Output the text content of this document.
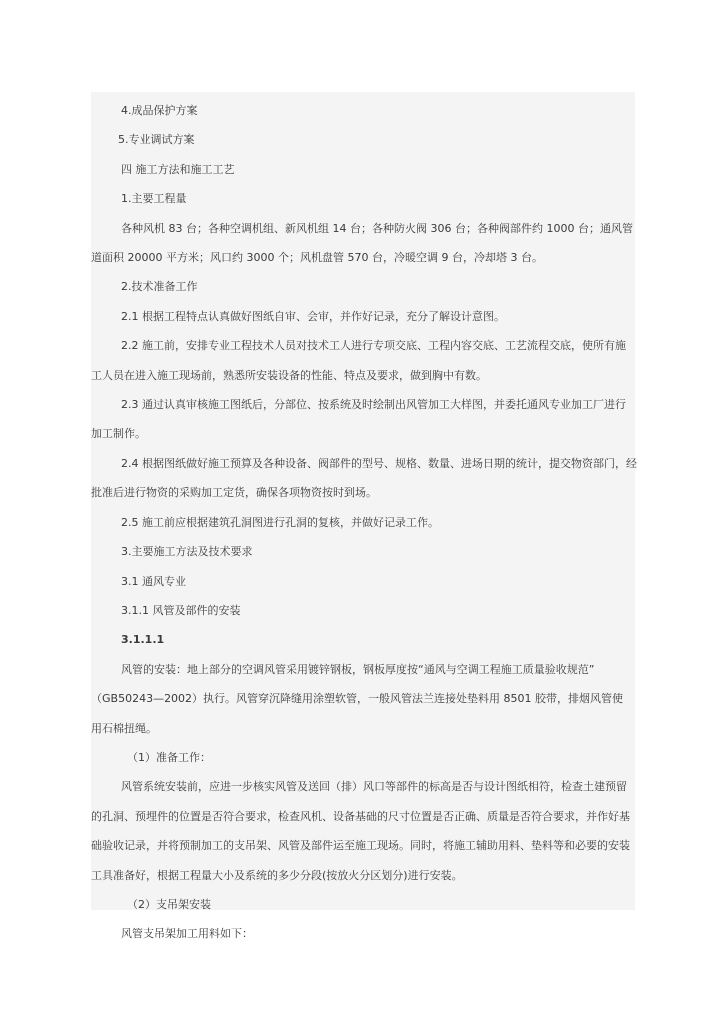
4.成品保护方案

5.专业调试方案

四 施工方法和施工工艺

1.主要工程量

各种风机 83 台；各种空调机组、新风机组 14 台；各种防火阀 306 台；各种阀部件约 1000 台；通风管

道面积 20000 平方米；风口约 3000 个；风机盘管 570 台，冷暖空调 9 台，冷却塔 3 台。

2.技术准备工作

2.1 根据工程特点认真做好图纸自审、会审，并作好记录，充分了解设计意图。

2.2 施工前，安排专业工程技术人员对技术工人进行专项交底、工程内容交底、工艺流程交底，使所有施

工人员在进入施工现场前，熟悉所安装设备的性能、特点及要求，做到胸中有数。

2.3 通过认真审核施工图纸后，分部位、按系统及时绘制出风管加工大样图，并委托通风专业加工厂进行

加工制作。

2.4 根据图纸做好施工预算及各种设备、阀部件的型号、规格、数量、进场日期的统计，提交物资部门，经

批准后进行物资的采购加工定货，确保各项物资按时到场。

2.5 施工前应根据建筑孔洞图进行孔洞的复核，并做好记录工作。

3.主要施工方法及技术要求

3.1 通风专业

3.1.1 风管及部件的安装

3.1.1.1

风管的安装：地上部分的空调风管采用镀锌钢板，钢板厚度按“通风与空调工程施工质量验收规范”

（GB50243—2002）执行。风管穿沉降缝用涂塑软管，一般风管法兰连接处垫料用 8501 胶带，排烟风管使

用石棉扭绳。

（1）准备工作：

风管系统安装前，应进一步核实风管及送回（排）风口等部件的标高是否与设计图纸相符，检查土建预留

的孔洞、预埋件的位置是否符合要求，检查风机、设备基础的尺寸位置是否正确、质量是否符合要求，并作好基

础验收记录，并将预制加工的支吊架、风管及部件运至施工现场。同时，将施工辅助用料、垫料等和必要的安装

工具准备好，根据工程量大小及系统的多少分段(按放火分区划分)进行安装。

（2）支吊架安装

风管支吊架加工用料如下：
